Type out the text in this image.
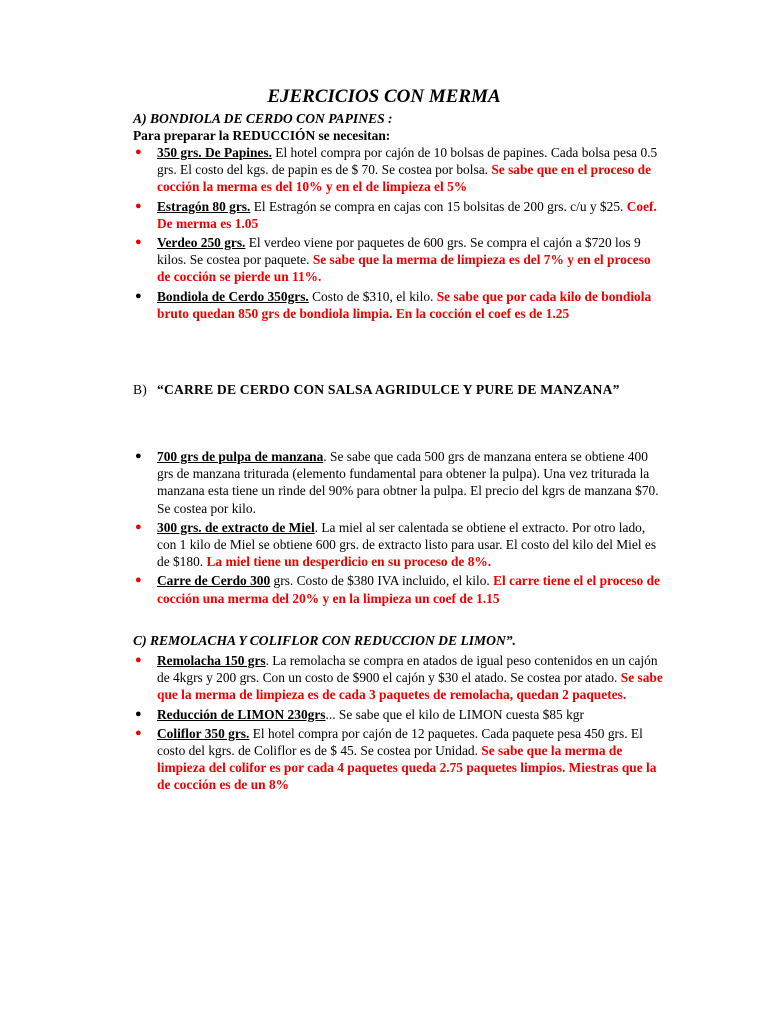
EJERCICIOS CON MERMA
A) BONDIOLA DE CERDO CON PAPINES :
Para preparar la REDUCCIÓN se necesitan:
● 350 grs. De Papines. El hotel compra por cajón de 10 bolsas de papines. Cada bolsa pesa 0.5 grs. El costo del kgs. de papin es de $ 70. Se costea por bolsa. Se sabe que en el proceso de cocción la merma es del 10% y en el de limpieza el 5%
● Estragón 80 grs. El Estragón se compra en cajas con 15 bolsitas de 200 grs. c/u y $25. Coef. De merma es 1.05
● Verdeo 250 grs. El verdeo viene por paquetes de 600 grs. Se compra el cajón a $720 los 9 kilos. Se costea por paquete. Se sabe que la merma de limpieza es del 7% y en el proceso de cocción se pierde un 11%.
● Bondiola de Cerdo 350grs. Costo de $310, el kilo. Se sabe que por cada kilo de bondiola bruto quedan 850 grs de bondiola limpia. En la cocción el coef es de 1.25
B) “CARRE DE CERDO CON SALSA AGRIDULCE Y PURE DE MANZANA”
● 700 grs de pulpa de manzana. Se sabe que cada 500 grs de manzana entera se obtiene 400 grs de manzana triturada (elemento fundamental para obtener la pulpa). Una vez triturada la manzana esta tiene un rinde del 90% para obtner la pulpa. El precio del kgrs de manzana $70. Se costea por kilo.
● 300 grs. de extracto de Miel. La miel al ser calentada se obtiene el extracto. Por otro lado, con 1 kilo de Miel se obtiene 600 grs. de extracto listo para usar. El costo del kilo del Miel es de $180. La miel tiene un desperdicio en su proceso de 8%.
● Carre de Cerdo 300 grs. Costo de $380 IVA incluido, el kilo. El carre tiene el el proceso de cocción una merma del 20% y en la limpieza un coef de 1.15
C) REMOLACHA Y COLIFLOR CON REDUCCION DE LIMON”.
● Remolacha 150 grs. La remolacha se compra en atados de igual peso contenidos en un cajón de 4kgrs y 200 grs. Con un costo de $900 el cajón y $30 el atado. Se costea por atado. Se sabe que la merma de limpieza es de cada 3 paquetes de remolacha, quedan 2 paquetes.
● Reducción de LIMON 230grs... Se sabe que el kilo de LIMON cuesta $85 kgr
● Coliflor 350 grs. El hotel compra por cajón de 12 paquetes. Cada paquete pesa 450 grs. El costo del kgrs. de Coliflor es de $ 45. Se costea por Unidad. Se sabe que la merma de limpieza del colifor es por cada 4 paquetes queda 2.75 paquetes limpios. Miestras que la de cocción es de un 8%
